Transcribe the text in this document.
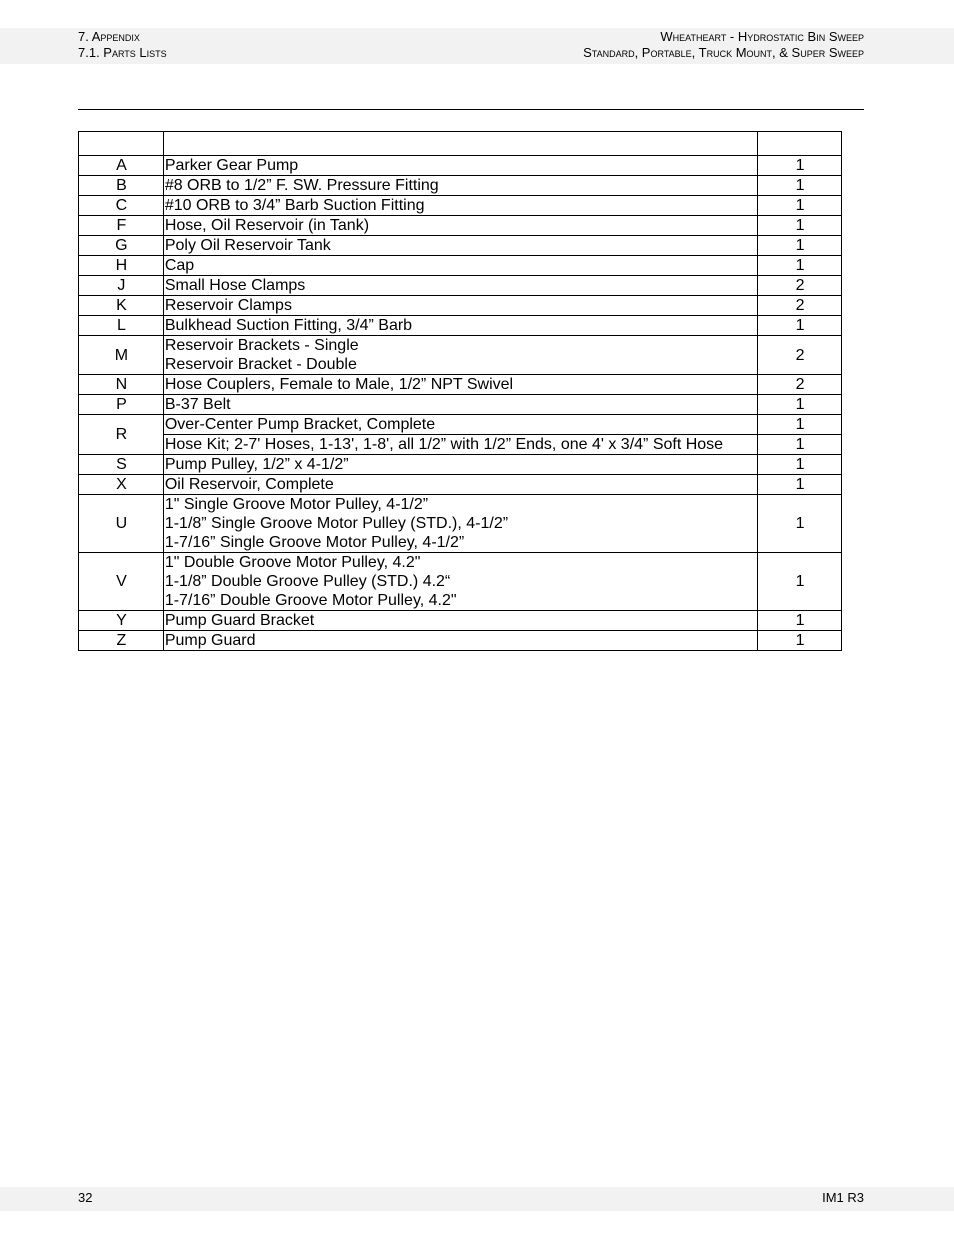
7. Appendix
7.1. Parts Lists
Wheatheart - Hydrostatic Bin Sweep
Standard, Portable, Truck Mount, & Super Sweep

A	Parker Gear Pump	1
B	#8 ORB to 1/2” F. SW. Pressure Fitting	1
C	#10 ORB to 3/4” Barb Suction Fitting	1
F	Hose, Oil Reservoir (in Tank)	1
G	Poly Oil Reservoir Tank	1
H	Cap	1
J	Small Hose Clamps	2
K	Reservoir Clamps	2
L	Bulkhead Suction Fitting, 3/4” Barb	1
M	Reservoir Brackets - Single
Reservoir Bracket - Double	2
N	Hose Couplers, Female to Male, 1/2” NPT Swivel	2
P	B-37 Belt	1
R	Over-Center Pump Bracket, Complete	1

	Hose Kit; 2-7' Hoses, 1-13', 1-8', all 1/2” with 1/2” Ends, one 4' x 3/4” Soft Hose	1
S	Pump Pulley, 1/2” x 4-1/2”	1
X	Oil Reservoir, Complete	1
U	1" Single Groove Motor Pulley, 4-1/2”
1-1/8” Single Groove Motor Pulley (STD.), 4-1/2”
1-7/16” Single Groove Motor Pulley, 4-1/2”	1
V	1" Double Groove Motor Pulley, 4.2"
1-1/8” Double Groove Pulley (STD.) 4.2“
1-7/16” Double Groove Motor Pulley, 4.2"	1
Y	Pump Guard Bracket	1
Z	Pump Guard	1
32	IM1 R3
